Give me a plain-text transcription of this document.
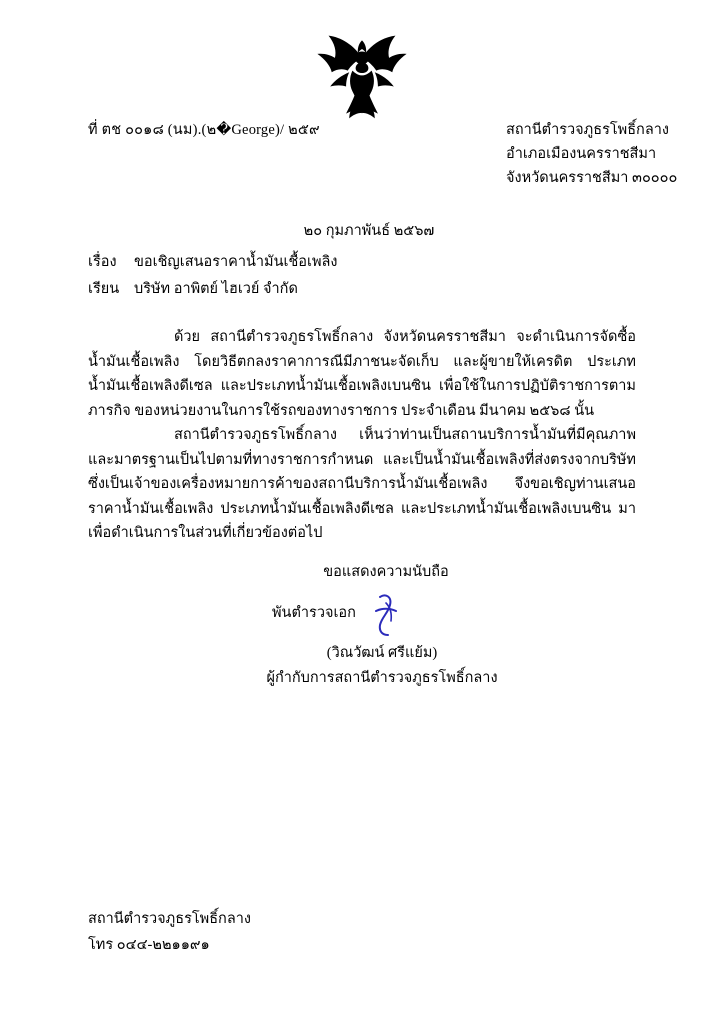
ที่ ตช ๐๐๑๘ (นม).(๒�George)/ ๒๕๙	สถานีตำรวจภูธรโพธิ์กลาง
อำเภอเมืองนครราชสีมา
จังหวัดนครราชสีมา ๓๐๐๐๐
๒๐ กุมภาพันธ์ ๒๕๖๗
เรื่อง ขอเชิญเสนอราคาน้ำมันเชื้อเพลิง
เรียน บริษัท อาพิตย์ ไฮเวย์ จำกัด

ด้วย สถานีตำรวจภูธรโพธิ์กลาง จังหวัดนครราชสีมา จะดำเนินการจัดซื้อน้ำมันเชื้อเพลิง โดยวิธีตกลงราคาการณีมีภาชนะจัดเก็บ และผู้ขายให้เครดิต ประเภทน้ำมันเชื้อเพลิงดีเซล และประเภทน้ำมันเชื้อเพลิงเบนซิน เพื่อใช้ในการปฏิบัติราชการตามภารกิจ ของหน่วยงานในการใช้รถของทางราชการ ประจำเดือน มีนาคม ๒๕๖๘ นั้น

สถานีตำรวจภูธรโพธิ์กลาง เห็นว่าท่านเป็นสถานบริการน้ำมันที่มีคุณภาพและมาตรฐานเป็นไปตามที่ทางราชการกำหนด และเป็นน้ำมันเชื้อเพลิงที่ส่งตรงจากบริษัท ซึ่งเป็นเจ้าของเครื่องหมายการค้าของสถานีบริการน้ำมันเชื้อเพลิง จึงขอเชิญท่านเสนอราคาน้ำมันเชื้อเพลิง ประเภทน้ำมันเชื้อเพลิงดีเซล และประเภทน้ำมันเชื้อเพลิงเบนซิน มาเพื่อดำเนินการในส่วนที่เกี่ยวข้องต่อไป

ขอแสดงความนับถือ
พันตำรวจเอก
(วิณวัฒน์ ศรีแย้ม)
ผู้กำกับการสถานีตำรวจภูธรโพธิ์กลาง
สถานีตำรวจภูธรโพธิ์กลาง
โทร ๐๔๔-๒๒๑๑๙๑
